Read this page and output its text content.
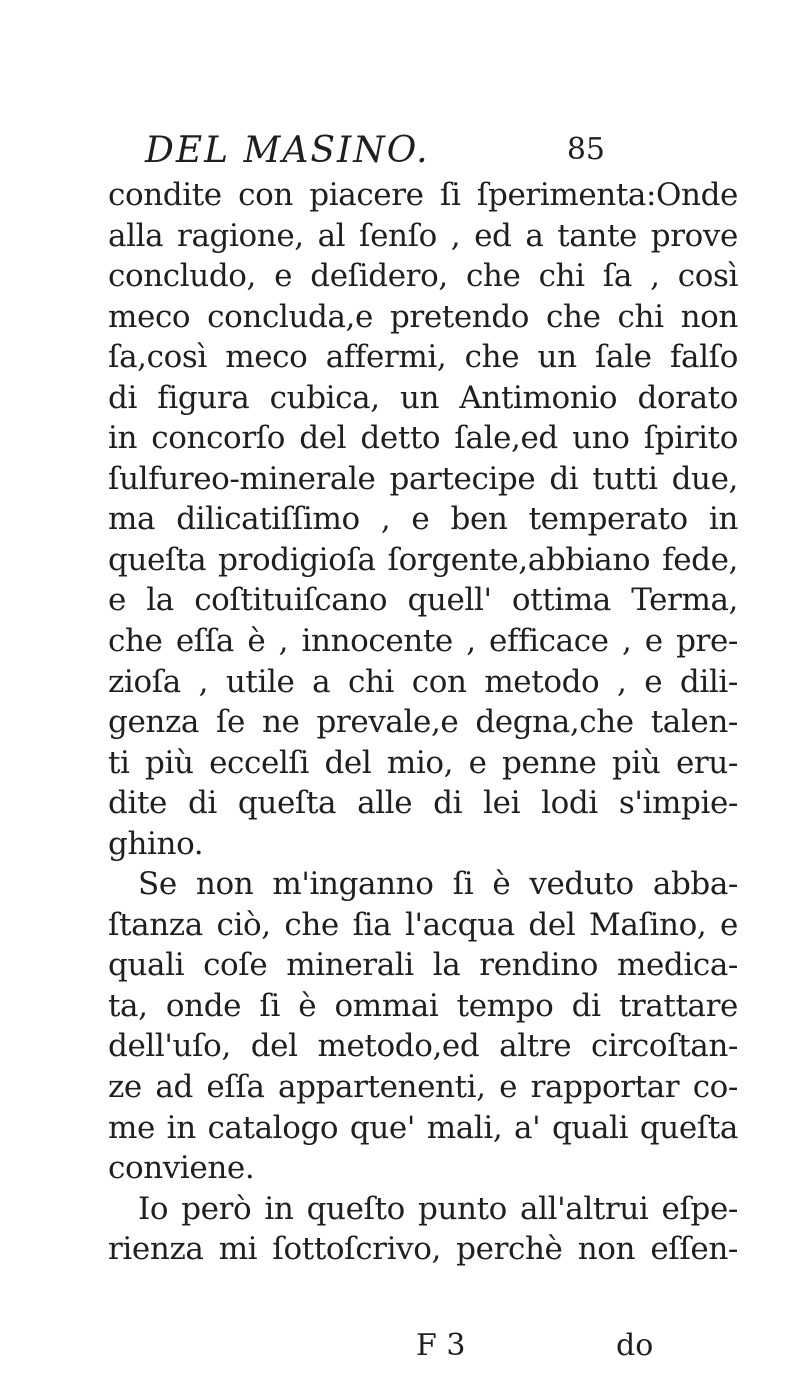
DEL MASINO.	85
condite con piacere ſi ſperimenta:Onde
alla ragione, al ſenſo , ed a tante prove
concludo, e deſidero, che chi ſa , così
meco concluda,e pretendo che chi non
ſa,così meco affermi, che un ſale falſo
di figura cubica, un Antimonio dorato
in concorſo del detto ſale,ed uno ſpirito
ſulfureo-minerale partecipe di tutti due,
ma dilicatiſſimo , e ben temperato in
queſta prodigioſa ſorgente,abbiano fede,
e la coſtituiſcano quell' ottima Terma,
che eſſa è , innocente , efficace , e pre-
zioſa , utile a chi con metodo , e dili-
genza ſe ne prevale,e degna,che talen-
ti più eccelſi del mio, e penne più eru-
dite di queſta alle di lei lodi s'impie-
ghino.
Se non m'inganno ſi è veduto abba-
ſtanza ciò, che ſia l'acqua del Maſino, e
quali coſe minerali la rendino medica-
ta, onde ſi è ommai tempo di trattare
dell'uſo, del metodo,ed altre circoſtan-
ze ad eſſa appartenenti, e rapportar co-
me in catalogo que' mali, a' quali queſta
conviene.
Io però in queſto punto all'altrui eſpe-
rienza mi ſottoſcrivo, perchè non eſſen-
F 3	do
